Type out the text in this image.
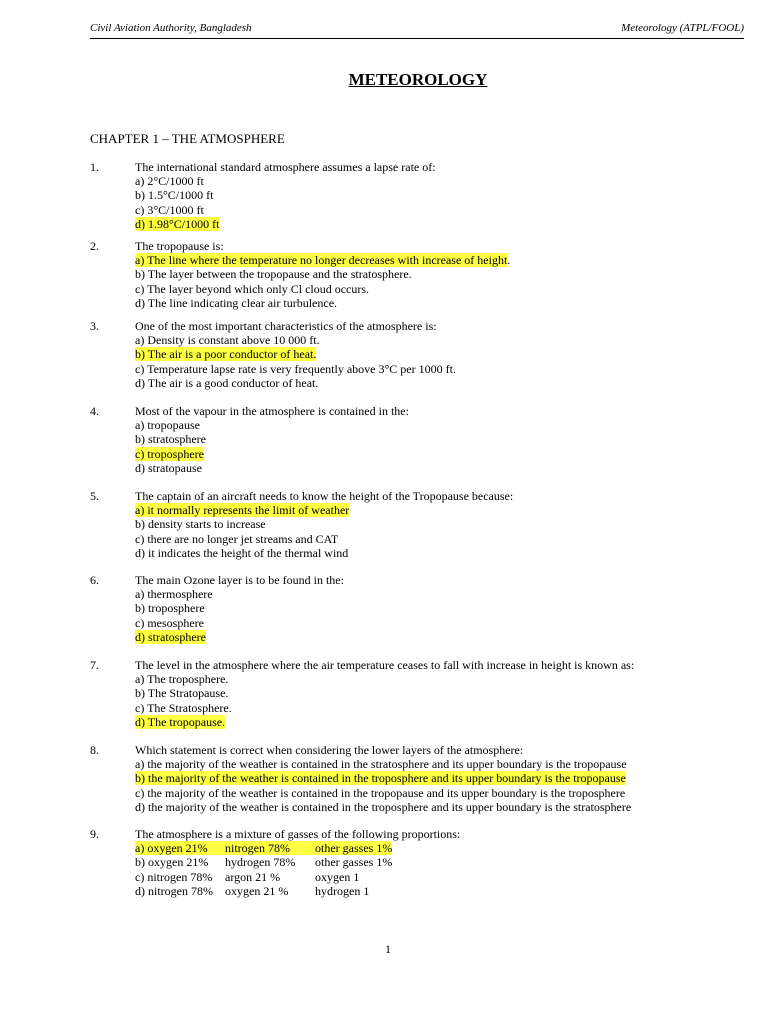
Civil Aviation Authority, Bangladesh	Meteorology (ATPL/FOOL)
METEOROLOGY
CHAPTER 1 – THE ATMOSPHERE
1.	The international standard atmosphere assumes a lapse rate of:
a) 2°C/1000 ft
b) 1.5°C/1000 ft
c) 3°C/1000 ft
d) 1.98°C/1000 ft
2.	The tropopause is:
a) The line where the temperature no longer decreases with increase of height.
b) The layer between the tropopause and the stratosphere.
c) The layer beyond which only Cl cloud occurs.
d) The line indicating clear air turbulence.
3.	One of the most important characteristics of the atmosphere is:
a) Density is constant above 10 000 ft.
b) The air is a poor conductor of heat.
c) Temperature lapse rate is very frequently above 3°C per 1000 ft.
d) The air is a good conductor of heat.
4.	Most of the vapour in the atmosphere is contained in the:
a) tropopause
b) stratosphere
c) troposphere
d) stratopause
5.	The captain of an aircraft needs to know the height of the Tropopause because:
a) it normally represents the limit of weather
b) density starts to increase
c) there are no longer jet streams and CAT
d) it indicates the height of the thermal wind
6.	The main Ozone layer is to be found in the:
a) thermosphere
b) troposphere
c) mesosphere
d) stratosphere
7.	The level in the atmosphere where the air temperature ceases to fall with increase in height is known as:
a) The troposphere.
b) The Stratopause.
c) The Stratosphere.
d) The tropopause.
8.	Which statement is correct when considering the lower layers of the atmosphere:
a) the majority of the weather is contained in the stratosphere and its upper boundary is the tropopause
b) the majority of the weather is contained in the troposphere and its upper boundary is the tropopause
c) the majority of the weather is contained in the tropopause and its upper boundary is the troposphere
d) the majority of the weather is contained in the troposphere and its upper boundary is the stratosphere
9.	The atmosphere is a mixture of gasses of the following proportions:
a) oxygen 21% nitrogen 78% other gasses 1%
b) oxygen 21% hydrogen 78% other gasses 1%
c) nitrogen 78% argon 21 %	oxygen 1
d) nitrogen 78% oxygen 21 % hydrogen 1
1
